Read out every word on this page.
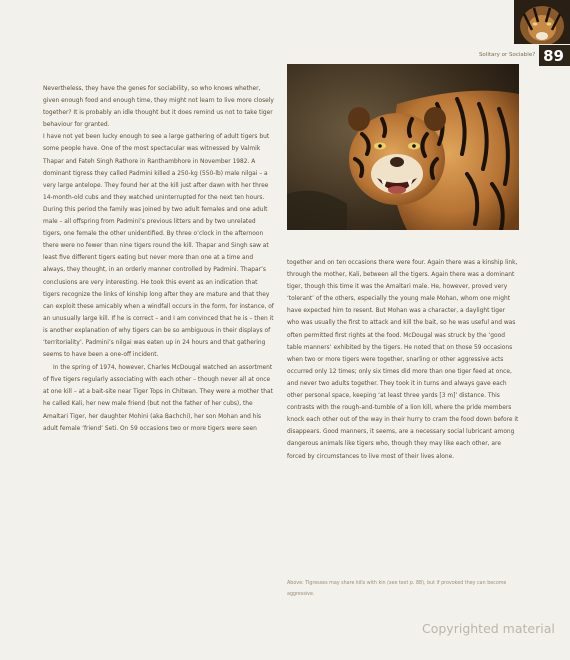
Solitary or Sociable? 89

Nevertheless, they have the genes for sociability, so who knows whether, given enough food and enough time, they might not learn to live more closely together? It is probably an idle thought but it does remind us not to take tiger behaviour for granted.

I have not yet been lucky enough to see a large gathering of adult tigers but some people have. One of the most spectacular was witnessed by Valmik Thapar and Fateh Singh Rathore in Ranthambhore in November 1982. A dominant tigress they called Padmini killed a 250-kg (550-lb) male nilgai – a very large antelope. They found her at the kill just after dawn with her three 14-month-old cubs and they watched uninterrupted for the next ten hours. During this period the family was joined by two adult females and one adult male – all offspring from Padmini’s previous litters and by two unrelated tigers, one female the other unidentified. By three o’clock in the afternoon there were no fewer than nine tigers round the kill. Thapar and Singh saw at least five different tigers eating but never more than one at a time and always, they thought, in an orderly manner controlled by Padmini. Thapar’s conclusions are very interesting. He took this event as an indication that tigers recognize the links of kinship long after they are mature and that they can exploit these amicably when a windfall occurs in the form, for instance, of an unusually large kill. If he is correct – and I am convinced that he is – then it is another explanation of why tigers can be so ambiguous in their displays of ‘territoriality’. Padmini’s nilgai was eaten up in 24 hours and that gathering seems to have been a one-off incident.

In the spring of 1974, however, Charles McDougal watched an assortment of five tigers regularly associating with each other – though never all at once at one kill – at a bait-site near Tiger Tops in Chitwan. They were a mother that he called Kali, her new male friend (but not the father of her cubs), the Amaltari Tiger, her daughter Mohini (aka Bachchi), her son Mohan and his adult female ‘friend’ Seti. On 59 occasions two or more tigers were seen

together and on ten occasions there were four. Again there was a kinship link, through the mother, Kali, between all the tigers. Again there was a dominant tiger, though this time it was the Amaltari male. He, however, proved very ‘tolerant’ of the others, especially the young male Mohan, whom one might have expected him to resent. But Mohan was a character, a daylight tiger who was usually the first to attack and kill the bait, so he was useful and was often permitted first rights at the food. McDougal was struck by the ‘good table manners’ exhibited by the tigers. He noted that on those 59 occasions when two or more tigers were together, snarling or other aggressive acts occurred only 12 times; only six times did more than one tiger feed at once, and never two adults together. They took it in turns and always gave each other personal space, keeping ‘at least three yards [3 m]’ distance. This contrasts with the rough-and-tumble of a lion kill, where the pride members knock each other out of the way in their hurry to cram the food down before it disappears. Good manners, it seems, are a necessary social lubricant among dangerous animals like tigers who, though they may like each other, are forced by circumstances to live most of their lives alone.

Above: Tigresses may share kills with kin (see text p. 88), but if provoked they can become aggressive.
Copyrighted material
